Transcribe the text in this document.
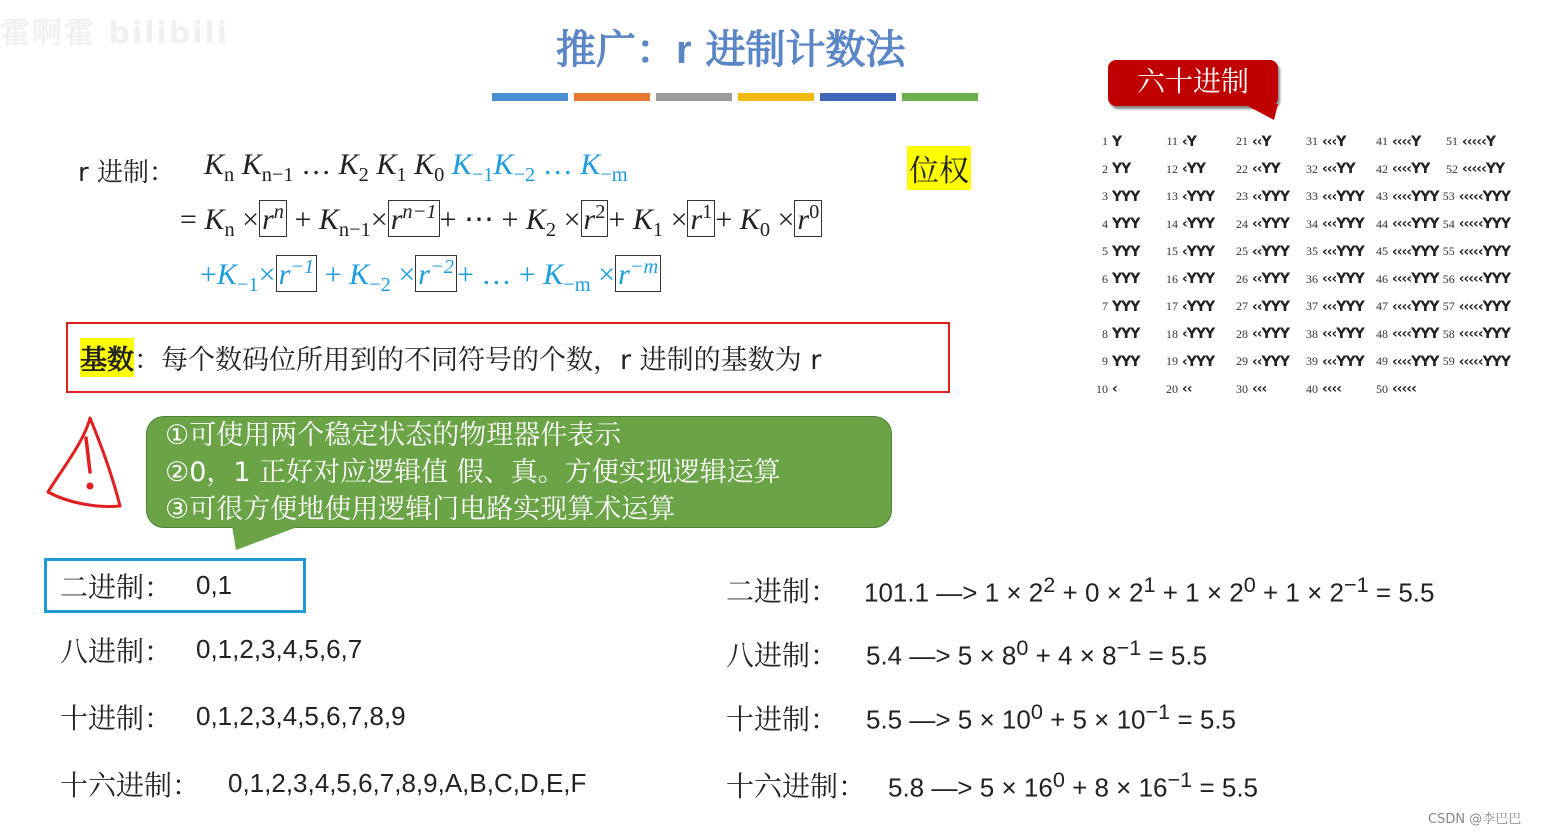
霍啊霍 bilibili	推广：r 进制计数法
r 进制： $K_n$ $K_{n-1}$ … $K_2$ $K_1$ $K_0$ $K_{-1}K_{-2}$ … $K_{-m}$
= $K_n \times r^n + K_{n-1}\times r^{n-1}$ + ⋯ + $K_2 \times r^2 + K_1 \times r^1 + K_0 \times r^0$
$+K_{-1}\times r^{-1} + K_{-2} \times r^{-2}$ + … + $K_{-m} \times r^{-m}$
位权
基数 ：每个数码位所用到的不同符号的个数，r 进制的基数为 r
①可使用两个稳定状态的物理器件表示
②0，1 正好对应逻辑值 假、真。方便实现逻辑运算
③可很方便地使用逻辑门电路实现算术运算
六十进制
1 Y	11 ‹Y	21 ‹‹Y	31 ‹‹‹Y	41 ‹‹‹‹Y	51 ‹‹‹‹‹Y
2 YY	12 ‹YY	22 ‹‹YY	32 ‹‹‹YY	42 ‹‹‹‹YY	52 ‹‹‹‹‹YY
3 YYY	13 ‹YYY	23 ‹‹YYY	33 ‹‹‹YYY	43 ‹‹‹‹YYY 53 ‹‹‹‹‹YYY
4 YYY	14 ‹YYY	24 ‹‹YYY	34 ‹‹‹YYY	44 ‹‹‹‹YYY 54 ‹‹‹‹‹YYY
5 YYY	15 ‹YYY	25 ‹‹YYY	35 ‹‹‹YYY	45 ‹‹‹‹YYY 55 ‹‹‹‹‹YYY
6 YYY	16 ‹YYY	26 ‹‹YYY	36 ‹‹‹YYY	46 ‹‹‹‹YYY 56 ‹‹‹‹‹YYY
7 YYY	17 ‹YYY	27 ‹‹YYY	37 ‹‹‹YYY	47 ‹‹‹‹YYY 57 ‹‹‹‹‹YYY
8 YYY	18 ‹YYY	28 ‹‹YYY	38 ‹‹‹YYY	48 ‹‹‹‹YYY 58 ‹‹‹‹‹YYY
9 YYY	19 ‹YYY	29 ‹‹YYY	39 ‹‹‹YYY	49 ‹‹‹‹YYY 59 ‹‹‹‹‹YYY
10 ‹	20 ‹‹	30 ‹‹‹	40 ‹‹‹‹	50 ‹‹‹‹‹
二进制： 0,1
八进制： 0,1,2,3,4,5,6,7
十进制： 0,1,2,3,4,5,6,7,8,9
十六进制： 0,1,2,3,4,5,6,7,8,9,A,B,C,D,E,F
二进制： 101.1 —> $1 \times 2^2 + 0 \times 2^1 + 1 \times 2^0 + 1 \times 2^{-1} = 5.5$
八进制： 5.4 —> $5 \times 8^0 + 4 \times 8^{-1} = 5.5$
十进制： 5.5 —> $5 \times 10^0 + 5 \times 10^{-1} = 5.5$
十六进制： 5.8 —> $5 \times 16^0 + 8 \times 16^{-1} = 5.5$
CSDN @李巴巴
